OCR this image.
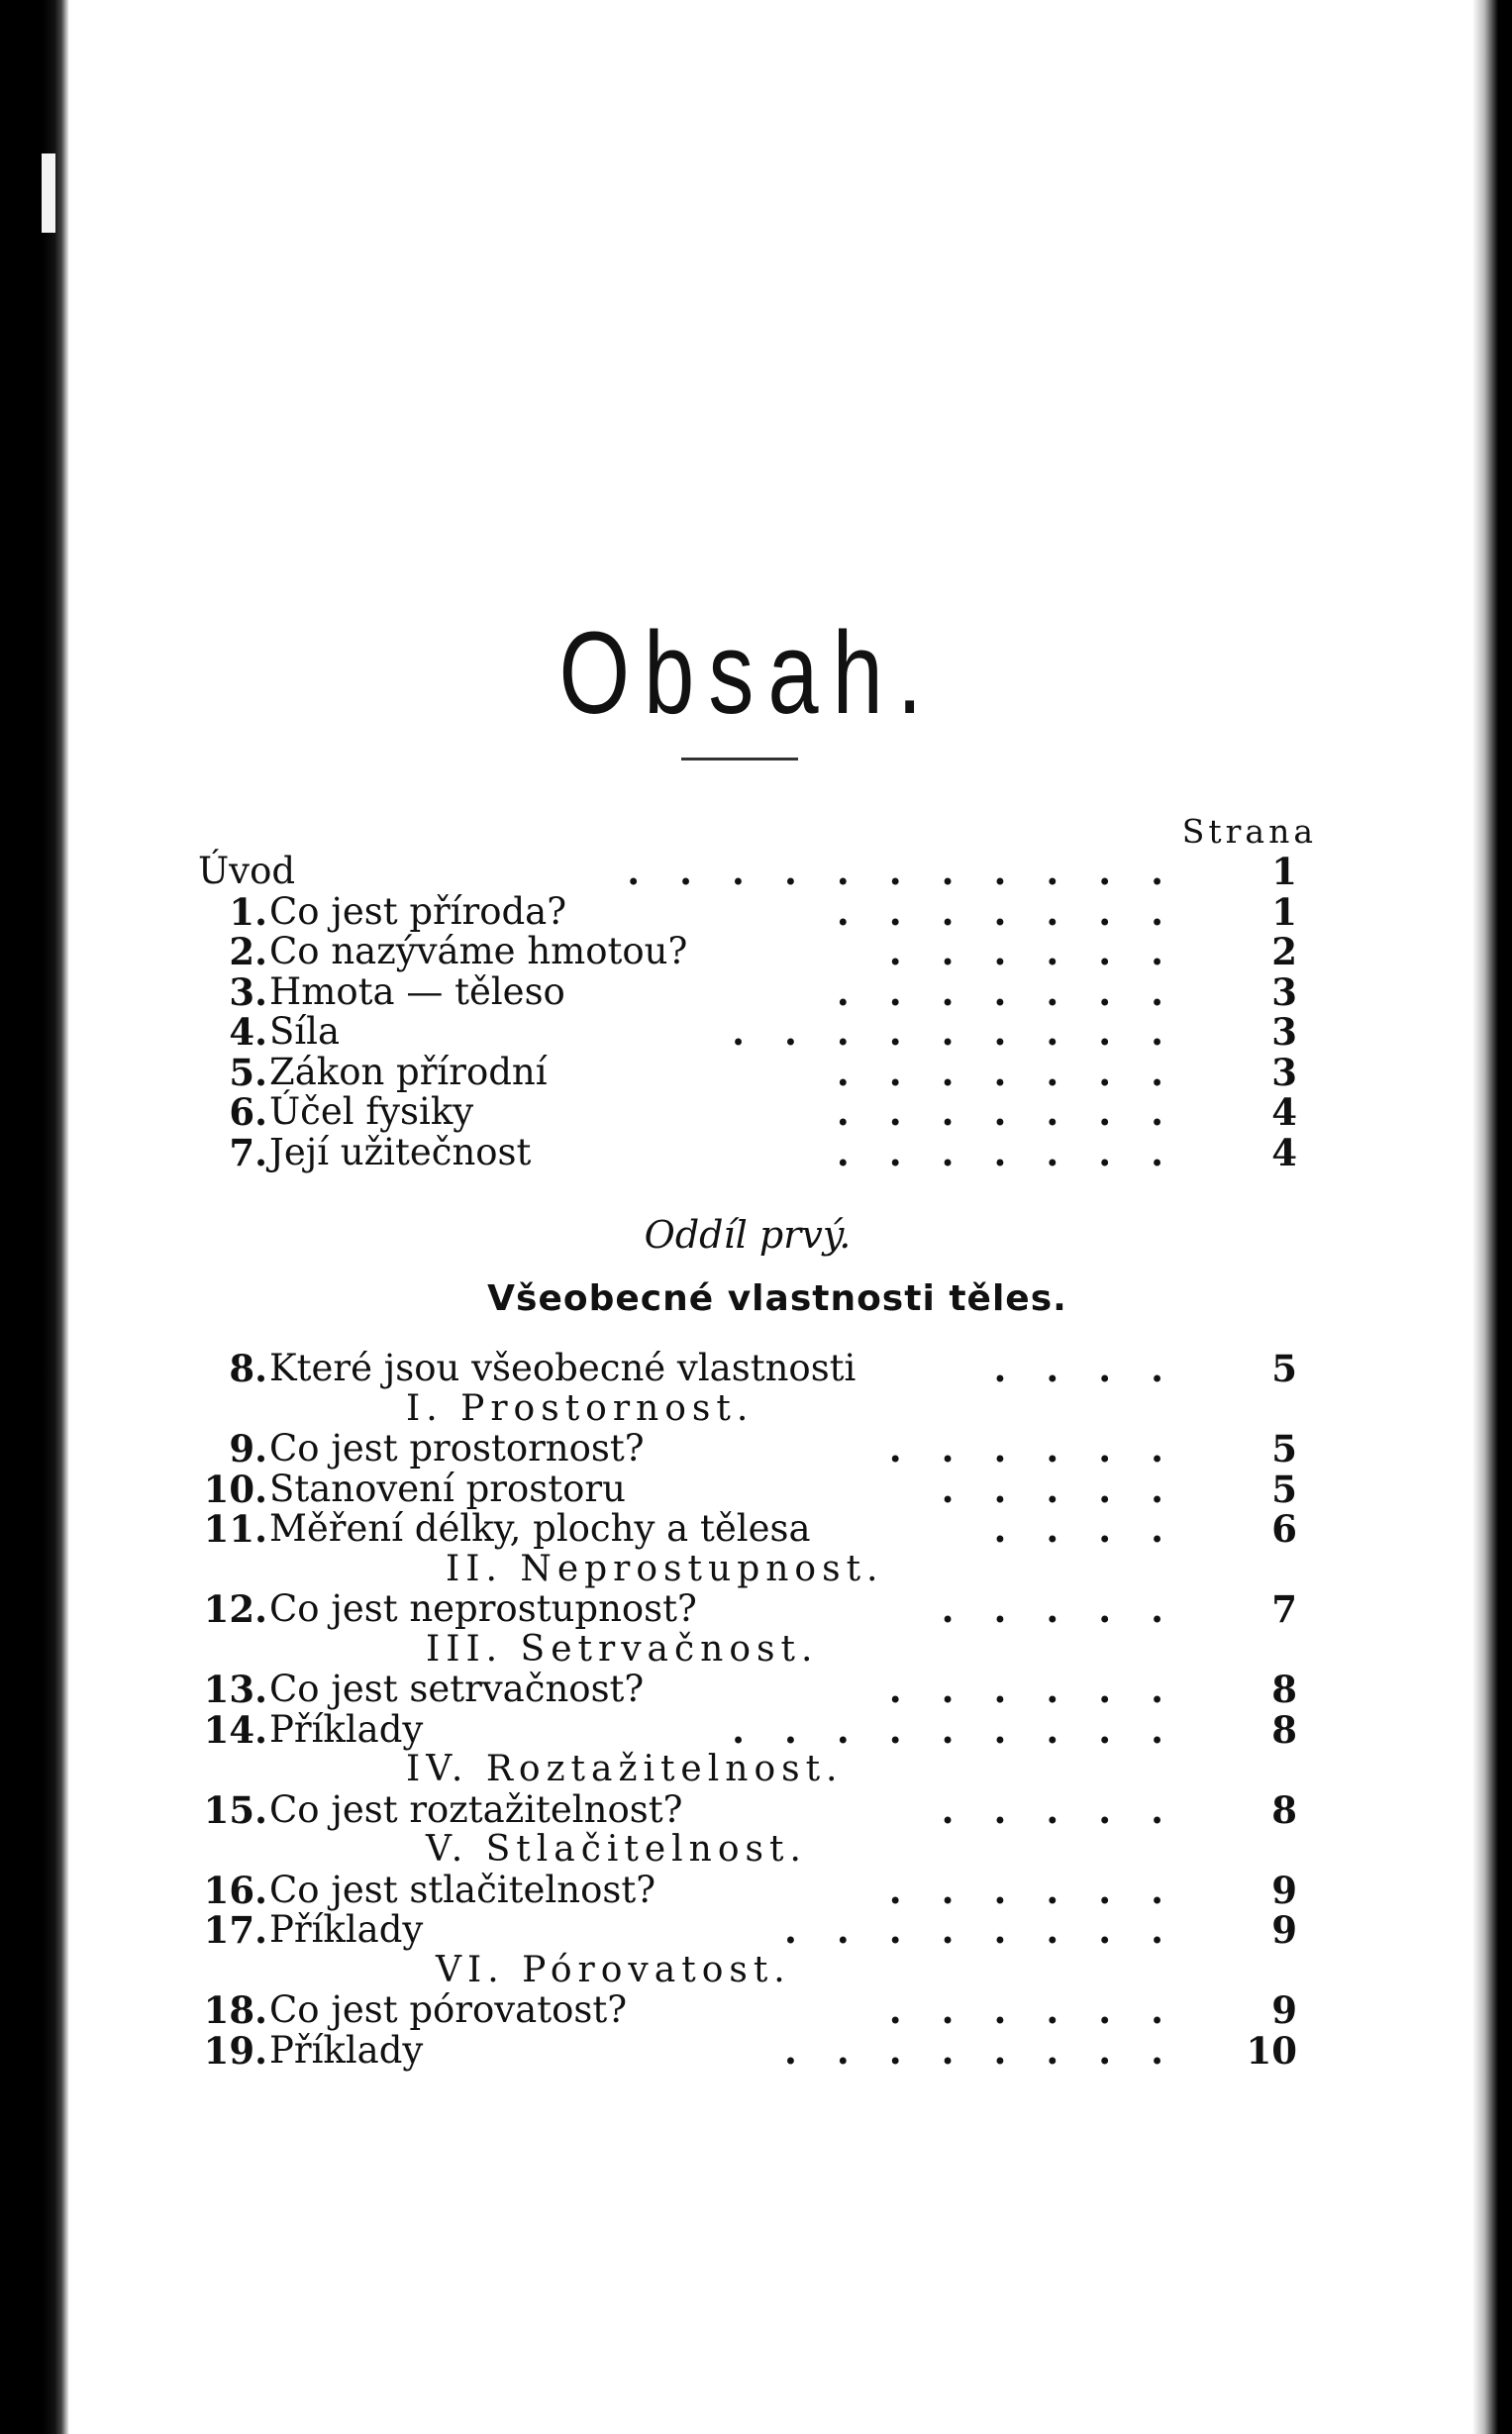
Obsah.
Strana
Úvod	...........	1
1. Co jest příroda?	.......	1
2. Co nazýváme hmotou?	......	2
3. Hmota — těleso	.......	3
4. Síla	.........	3
5. Zákon přírodní	.......	3
6. Účel fysiky	.......	4
7. Její užitečnost	.......	4
Oddíl prvý.
Všeobecné vlastnosti těles.
8. Které jsou všeobecné vlastnosti	....	5
I. Prostornost.
9. Co jest prostornost?	......	5
10. Stanovení prostoru	.....	5
11. Měření délky, plochy a tělesa	....	6
II. Neprostupnost.
12. Co jest neprostupnost?	.....	7
III. Setrvačnost.
13. Co jest setrvačnost?	......	8
14. Příklady	.........	8
IV. Roztažitelnost.
15. Co jest roztažitelnost?	.....	8
V. Stlačitelnost.
16. Co jest stlačitelnost?	......	9
17. Příklady	........	9
VI. Pórovatost.
18. Co jest pórovatost?	......	9
19. Příklady	........	10
